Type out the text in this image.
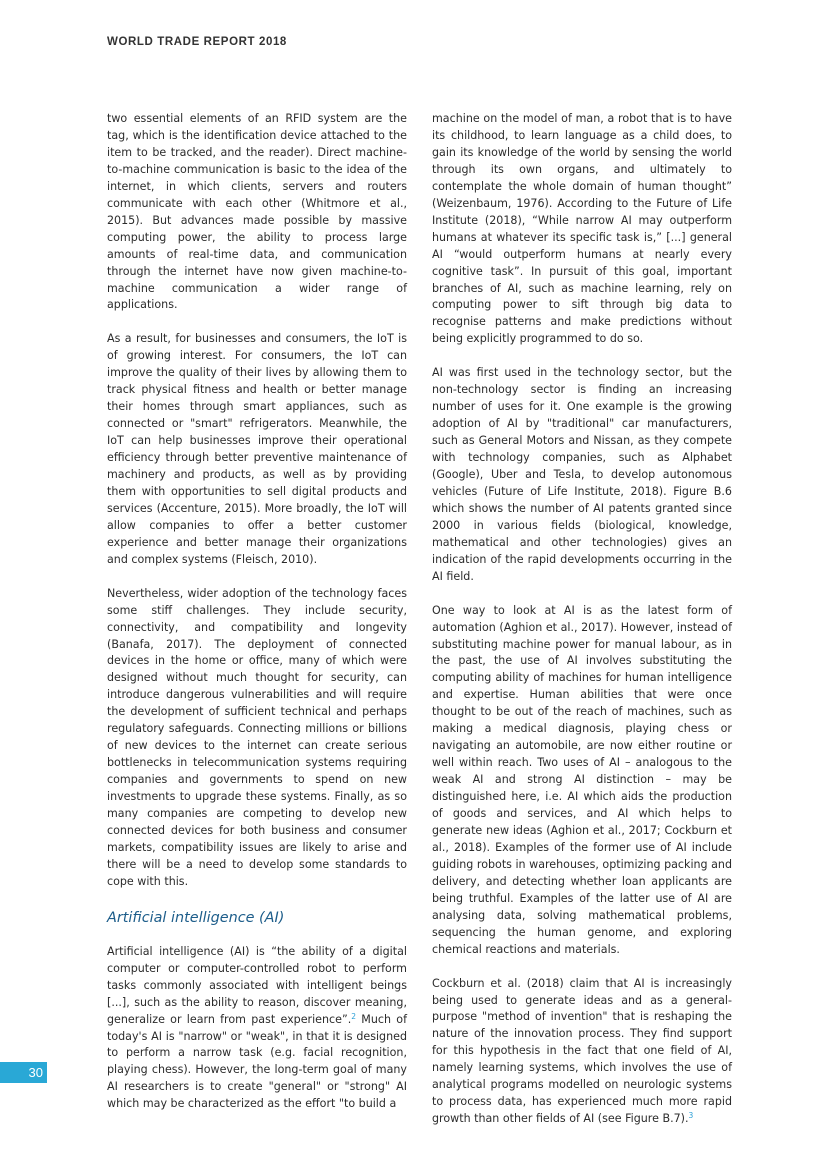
WORLD TRADE REPORT 2018

two essential elements of an RFID system are the tag, which is the identification device attached to the item to be tracked, and the reader). Direct machine-to-machine communication is basic to the idea of the internet, in which clients, servers and routers communicate with each other (Whitmore et al., 2015). But advances made possible by massive computing power, the ability to process large amounts of real-time data, and communication through the internet have now given machine-to-machine communication a wider range of applications.

As a result, for businesses and consumers, the IoT is of growing interest. For consumers, the IoT can improve the quality of their lives by allowing them to track physical fitness and health or better manage their homes through smart appliances, such as connected or "smart" refrigerators. Meanwhile, the IoT can help businesses improve their operational efficiency through better preventive maintenance of machinery and products, as well as by providing them with opportunities to sell digital products and services (Accenture, 2015). More broadly, the IoT will allow companies to offer a better customer experience and better manage their organizations and complex systems (Fleisch, 2010).

Nevertheless, wider adoption of the technology faces some stiff challenges. They include security, connectivity, and compatibility and longevity (Banafa, 2017). The deployment of connected devices in the home or office, many of which were designed without much thought for security, can introduce dangerous vulnerabilities and will require the development of sufficient technical and perhaps regulatory safeguards. Connecting millions or billions of new devices to the internet can create serious bottlenecks in telecommunication systems requiring companies and governments to spend on new investments to upgrade these systems. Finally, as so many companies are competing to develop new connected devices for both business and consumer markets, compatibility issues are likely to arise and there will be a need to develop some standards to cope with this.

Artificial intelligence (AI)

Artificial intelligence (AI) is “the ability of a digital computer or computer-controlled robot to perform tasks commonly associated with intelligent beings [...], such as the ability to reason, discover meaning, generalize or learn from past experience”.$^2$ Much of today's AI is "narrow" or "weak", in that it is designed to perform a narrow task (e.g. facial recognition, playing chess). However, the long-term goal of many AI researchers is to create "general" or "strong" AI which may be characterized as the effort "to build a

machine on the model of man, a robot that is to have its childhood, to learn language as a child does, to gain its knowledge of the world by sensing the world through its own organs, and ultimately to contemplate the whole domain of human thought” (Weizenbaum, 1976). According to the Future of Life Institute (2018), “While narrow AI may outperform humans at whatever its specific task is,” [...] general AI “would outperform humans at nearly every cognitive task”. In pursuit of this goal, important branches of AI, such as machine learning, rely on computing power to sift through big data to recognise patterns and make predictions without being explicitly programmed to do so.

AI was first used in the technology sector, but the non-technology sector is finding an increasing number of uses for it. One example is the growing adoption of AI by "traditional" car manufacturers, such as General Motors and Nissan, as they compete with technology companies, such as Alphabet (Google), Uber and Tesla, to develop autonomous vehicles (Future of Life Institute, 2018). Figure B.6 which shows the number of AI patents granted since 2000 in various fields (biological, knowledge, mathematical and other technologies) gives an indication of the rapid developments occurring in the AI field.

One way to look at AI is as the latest form of automation (Aghion et al., 2017). However, instead of substituting machine power for manual labour, as in the past, the use of AI involves substituting the computing ability of machines for human intelligence and expertise. Human abilities that were once thought to be out of the reach of machines, such as making a medical diagnosis, playing chess or navigating an automobile, are now either routine or well within reach. Two uses of AI – analogous to the weak AI and strong AI distinction – may be distinguished here, i.e. AI which aids the production of goods and services, and AI which helps to generate new ideas (Aghion et al., 2017; Cockburn et al., 2018). Examples of the former use of AI include guiding robots in warehouses, optimizing packing and delivery, and detecting whether loan applicants are being truthful. Examples of the latter use of AI are analysing data, solving mathematical problems, sequencing the human genome, and exploring chemical reactions and materials.

Cockburn et al. (2018) claim that AI is increasingly being used to generate ideas and as a general-purpose "method of invention" that is reshaping the nature of the innovation process. They find support for this hypothesis in the fact that one field of AI, namely learning systems, which involves the use of analytical programs modelled on neurologic systems to process data, has experienced much more rapid growth than other fields of AI (see Figure B.7).$^3$

30
